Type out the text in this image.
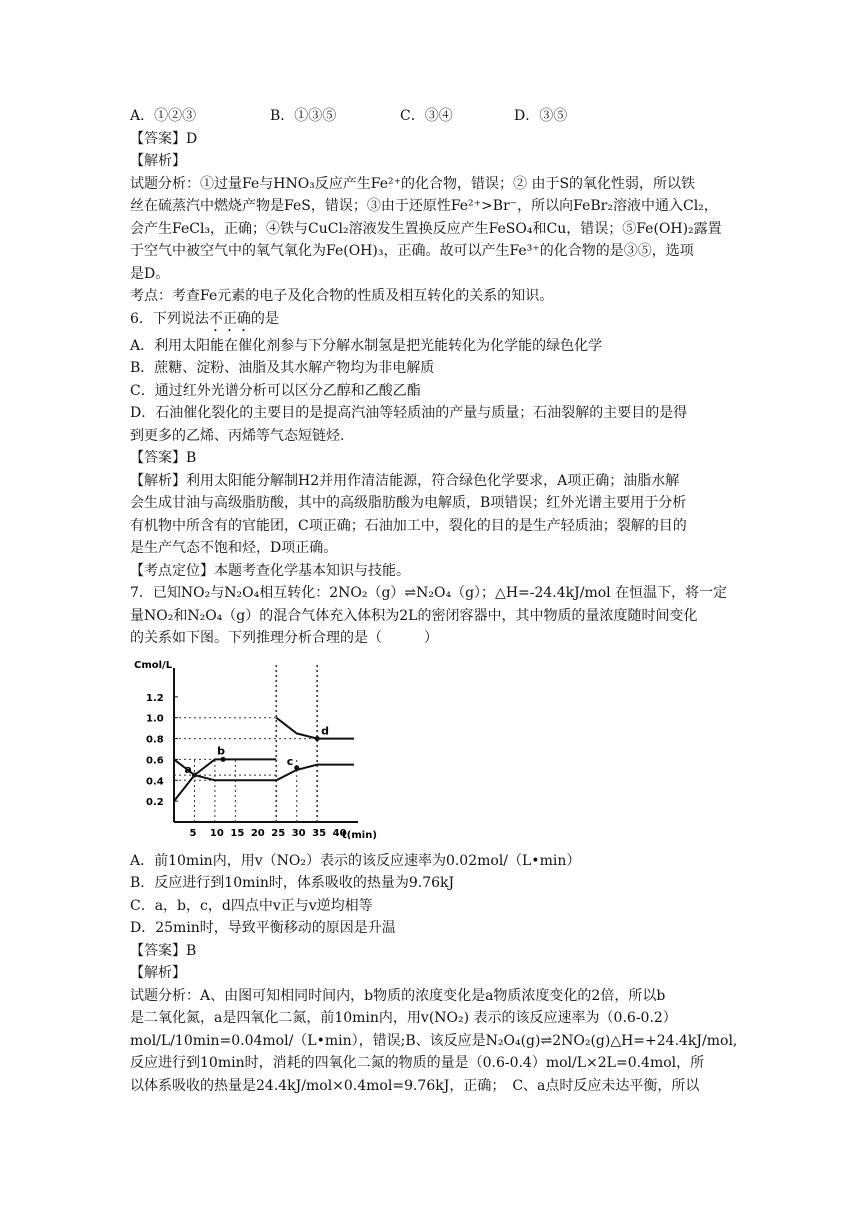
A．①②③	B．①③⑤	C．③④	D．③⑤
【答案】D
【解析】
试题分析：①过量Fe与HNO₃反应产生Fe²⁺的化合物，错误；② 由于S的氧化性弱，所以铁
丝在硫蒸汽中燃烧产物是FeS，错误；③由于还原性Fe²⁺>Br⁻，所以向FeBr₂溶液中通入Cl₂，
会产生FeCl₃，正确；④铁与CuCl₂溶液发生置换反应产生FeSO₄和Cu，错误；⑤Fe(OH)₂露置
于空气中被空气中的氧气氧化为Fe(OH)₃，正确。故可以产生Fe³⁺的化合物的是③⑤，选项
是D。
考点：考查Fe元素的电子及化合物的性质及相互转化的关系的知识。
6．下列说法不正确的是
A．利用太阳能在催化剂参与下分解水制氢是把光能转化为化学能的绿色化学
B．蔗糖、淀粉、油脂及其水解产物均为非电解质
C．通过红外光谱分析可以区分乙醇和乙酸乙酯
D．石油催化裂化的主要目的是提高汽油等轻质油的产量与质量；石油裂解的主要目的是得
到更多的乙烯、丙烯等气态短链烃.
【答案】B
【解析】利用太阳能分解制H2并用作清洁能源，符合绿色化学要求，A项正确；油脂水解
会生成甘油与高级脂肪酸，其中的高级脂肪酸为电解质，B项错误；红外光谱主要用于分析
有机物中所含有的官能团，C项正确；石油加工中，裂化的目的是生产轻质油；裂解的目的
是生产气态不饱和烃，D项正确。
【考点定位】本题考查化学基本知识与技能。
7．已知NO₂与N₂O₄相互转化：2NO₂（g）⇌N₂O₄（g）；△H=-24.4kJ/mol 在恒温下，将一定
量NO₂和N₂O₄（g）的混合气体充入体积为2L的密闭容器中，其中物质的量浓度随时间变化
的关系如下图。下列推理分析合理的是（　　　）
Cmol/L
t(min)
0.2
0.4
0.6
0.8
1.0
1.2
5 10 15 20 25 30 35 40
a
b
c
d
A．前10min内，用v（NO₂）表示的该反应速率为0.02mol/（L•min）
B．反应进行到10min时，体系吸收的热量为9.76kJ
C．a，b，c，d四点中v正与v逆均相等
D．25min时，导致平衡移动的原因是升温
【答案】B
【解析】
试题分析：A、由图可知相同时间内，b物质的浓度变化是a物质浓度变化的2倍，所以b
是二氧化氮，a是四氧化二氮，前10min内，用v(NO₂) 表示的该反应速率为（0.6-0.2）
mol/L/10min=0.04mol/（L•min），错误;B、该反应是N₂O₄(g)⇌2NO₂(g)△H=+24.4kJ/mol,
反应进行到10min时，消耗的四氧化二氮的物质的量是（0.6-0.4）mol/L×2L=0.4mol，所
以体系吸收的热量是24.4kJ/mol×0.4mol=9.76kJ，正确；　C、a点时反应未达平衡，所以
